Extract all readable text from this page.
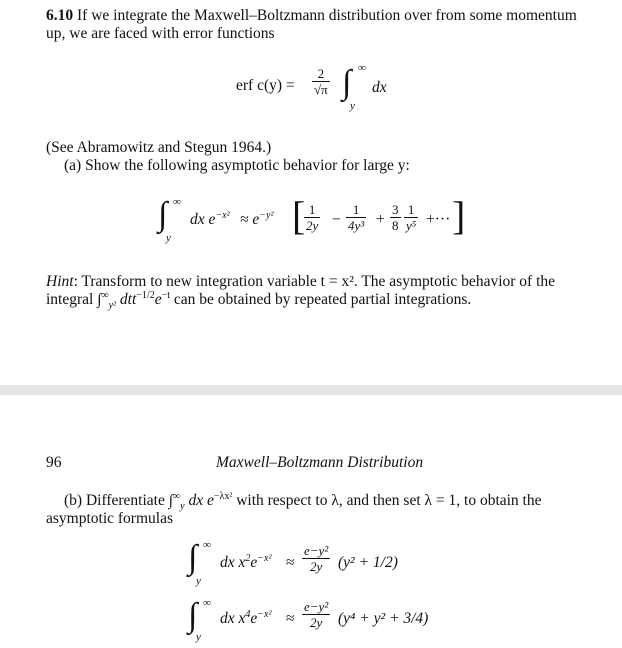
6.10 If we integrate the Maxwell–Boltzmann distribution over from some momentum
up, we are faced with error functions
erf $c(y) = \frac{2}{√\pi}$ ∫ ∞
y
dx
(See Abramowitz and Stegun 1964.)
(a) Show the following asymptotic behavior for large y:
∫ ∞
y
dx $e^{-x^2} \approx e^{-y^2}$ [
$\frac{1}{2y} - \frac{1}{\text{4y³}} + \frac{3}{8} \frac{1}{\text{y⁵}}$ +··· ]
Hint: Transform to new integration variable t = x². The asymptotic behavior of the
integral $\int^\infty_{y^2}$ $dtt^{-1/2}e^{-t}$ can be obtained by repeated partial integrations.
96	Maxwell–Boltzmann Distribution
(b) Differentiate $\int^\infty_y$ dx $e^{-\lambda x^2}$ with respect to λ, and then set λ = 1, to obtain the
asymptotic formulas
∫ ∞
y
dx $x^2e^{-x^2} \approx \frac{\text{e−y²}}{2y} (y^2 + 1/2)$
∫ ∞
y
dx $x^4e^{-x^2} \approx \frac{\text{e−y²}}{2y} (y^4 + y^2 + 3/4)$
